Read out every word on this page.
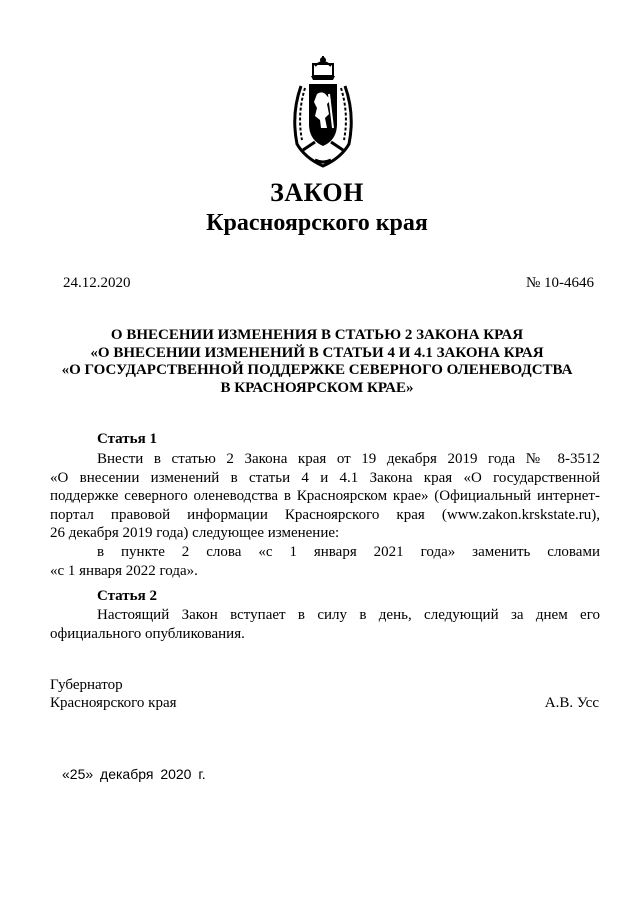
ЗАКОН
Красноярского края
24.12.2020	№ 10-4646
О ВНЕСЕНИИ ИЗМЕНЕНИЯ В СТАТЬЮ 2 ЗАКОНА КРАЯ
«О ВНЕСЕНИИ ИЗМЕНЕНИЙ В СТАТЬИ 4 И 4.1 ЗАКОНА КРАЯ
«О ГОСУДАРСТВЕННОЙ ПОДДЕРЖКЕ СЕВЕРНОГО ОЛЕНЕВОДСТВА
В КРАСНОЯРСКОМ КРАЕ»
Статья 1
Внести в статью 2 Закона края от 19 декабря 2019 года № 8-3512
«О внесении изменений в статьи 4 и 4.1 Закона края «О государственной
поддержке северного оленеводства в Красноярском крае» (Официальный интернет-
портал правовой информации Красноярского края (www.zakon.krskstate.ru),
26 декабря 2019 года) следующее изменение:
в пункте 2 слова «с 1 января 2021 года» заменить словами
«с 1 января 2022 года».
Статья 2
Настоящий Закон вступает в силу в день, следующий за днем его
официального опубликования.
Губернатор
Красноярского края	А.В. Усс
«25» декабря 2020 г.
